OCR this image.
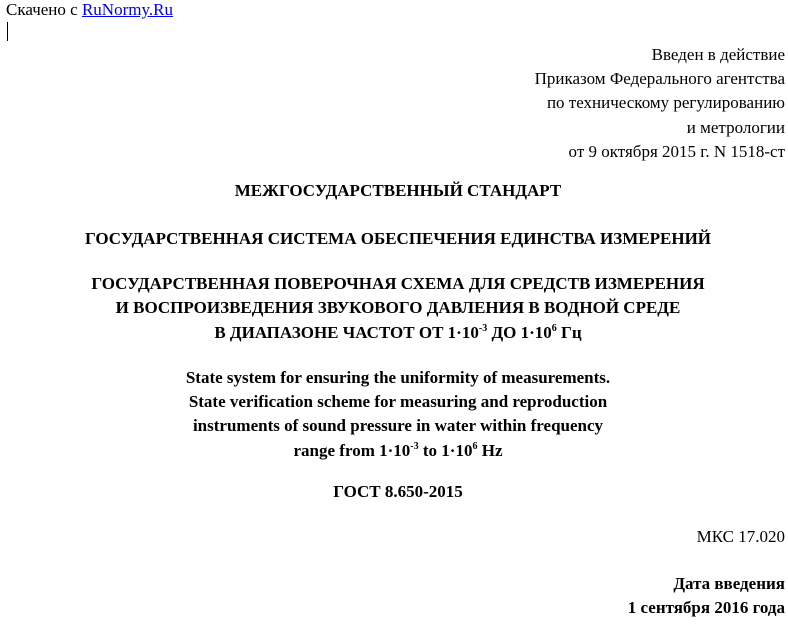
Скачено с RuNormy.Ru
Введен в действие
Приказом Федерального агентства
по техническому регулированию
и метрологии
от 9 октября 2015 г. N 1518-ст
МЕЖГОСУДАРСТВЕННЫЙ СТАНДАРТ
ГОСУДАРСТВЕННАЯ СИСТЕМА ОБЕСПЕЧЕНИЯ ЕДИНСТВА ИЗМЕРЕНИЙ
ГОСУДАРСТВЕННАЯ ПОВЕРОЧНАЯ СХЕМА ДЛЯ СРЕДСТВ ИЗМЕРЕНИЯ
И ВОСПРОИЗВЕДЕНИЯ ЗВУКОВОГО ДАВЛЕНИЯ В ВОДНОЙ СРЕДЕ
В ДИАПАЗОНЕ ЧАСТОТ ОТ $1\cdot 10^{-3}$ ДО $1\cdot 10^6$ Гц
State system for ensuring the uniformity of measurements.
State verification scheme for measuring and reproduction
instruments of sound pressure in water within frequency
range from $1\cdot 10^{-3}$ to $1\cdot 10^6$ Hz
ГОСТ 8.650-2015
МКС 17.020
Дата введения
1 сентября 2016 года
